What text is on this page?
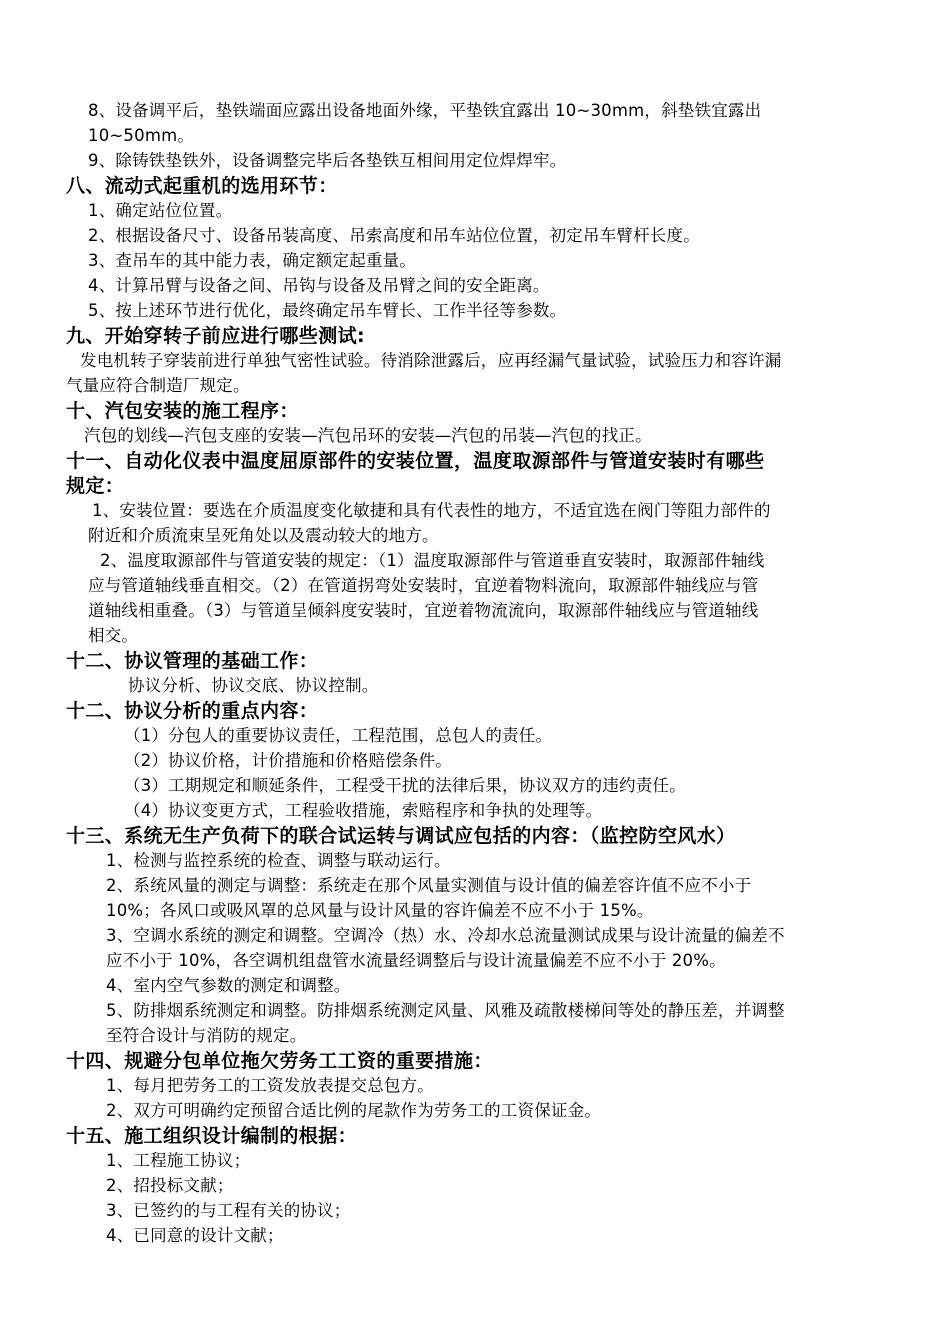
8、设备调平后，垫铁端面应露出设备地面外缘，平垫铁宜露出 10~30mm，斜垫铁宜露出
10~50mm。
9、除铸铁垫铁外，设备调整完毕后各垫铁互相间用定位焊焊牢。
八、流动式起重机的选用环节：
1、确定站位位置。
2、根据设备尺寸、设备吊装高度、吊索高度和吊车站位位置，初定吊车臂杆长度。
3、查吊车的其中能力表，确定额定起重量。
4、计算吊臂与设备之间、吊钩与设备及吊臂之间的安全距离。
5、按上述环节进行优化，最终确定吊车臂长、工作半径等参数。
九、开始穿转子前应进行哪些测试:
发电机转子穿装前进行单独气密性试验。待消除泄露后，应再经漏气量试验，试验压力和容许漏
气量应符合制造厂规定。
十、汽包安装的施工程序：
汽包的划线—汽包支座的安装—汽包吊环的安装—汽包的吊装—汽包的找正。
十一、自动化仪表中温度屈原部件的安装位置，温度取源部件与管道安装时有哪些
规定：
1、安装位置：要选在介质温度变化敏捷和具有代表性的地方，不适宜选在阀门等阻力部件的
附近和介质流束呈死角处以及震动较大的地方。
2、温度取源部件与管道安装的规定：（1）温度取源部件与管道垂直安装时，取源部件轴线
应与管道轴线垂直相交。（2）在管道拐弯处安装时，宜逆着物料流向，取源部件轴线应与管
道轴线相重叠。（3）与管道呈倾斜度安装时，宜逆着物流流向，取源部件轴线应与管道轴线
相交。
十二、协议管理的基础工作：
协议分析、协议交底、协议控制。
十二、协议分析的重点内容：
（1）分包人的重要协议责任，工程范围，总包人的责任。
（2）协议价格，计价措施和价格赔偿条件。
（3）工期规定和顺延条件，工程受干扰的法律后果，协议双方的违约责任。
（4）协议变更方式，工程验收措施，索赔程序和争执的处理等。
十三、系统无生产负荷下的联合试运转与调试应包括的内容：（监控防空风水）
1、检测与监控系统的检查、调整与联动运行。
2、系统风量的测定与调整：系统走在那个风量实测值与设计值的偏差容许值不应不小于
10%；各风口或吸风罩的总风量与设计风量的容许偏差不应不小于 15%。
3、空调水系统的测定和调整。空调冷（热）水、冷却水总流量测试成果与设计流量的偏差不
应不小于 10%，各空调机组盘管水流量经调整后与设计流量偏差不应不小于 20%。
4、室内空气参数的测定和调整。
5、防排烟系统测定和调整。防排烟系统测定风量、风雅及疏散楼梯间等处的静压差，并调整
至符合设计与消防的规定。
十四、规避分包单位拖欠劳务工工资的重要措施：
1、每月把劳务工的工资发放表提交总包方。
2、双方可明确约定预留合适比例的尾款作为劳务工的工资保证金。
十五、施工组织设计编制的根据：
1、工程施工协议；
2、招投标文献；
3、已签约的与工程有关的协议；
4、已同意的设计文献；
